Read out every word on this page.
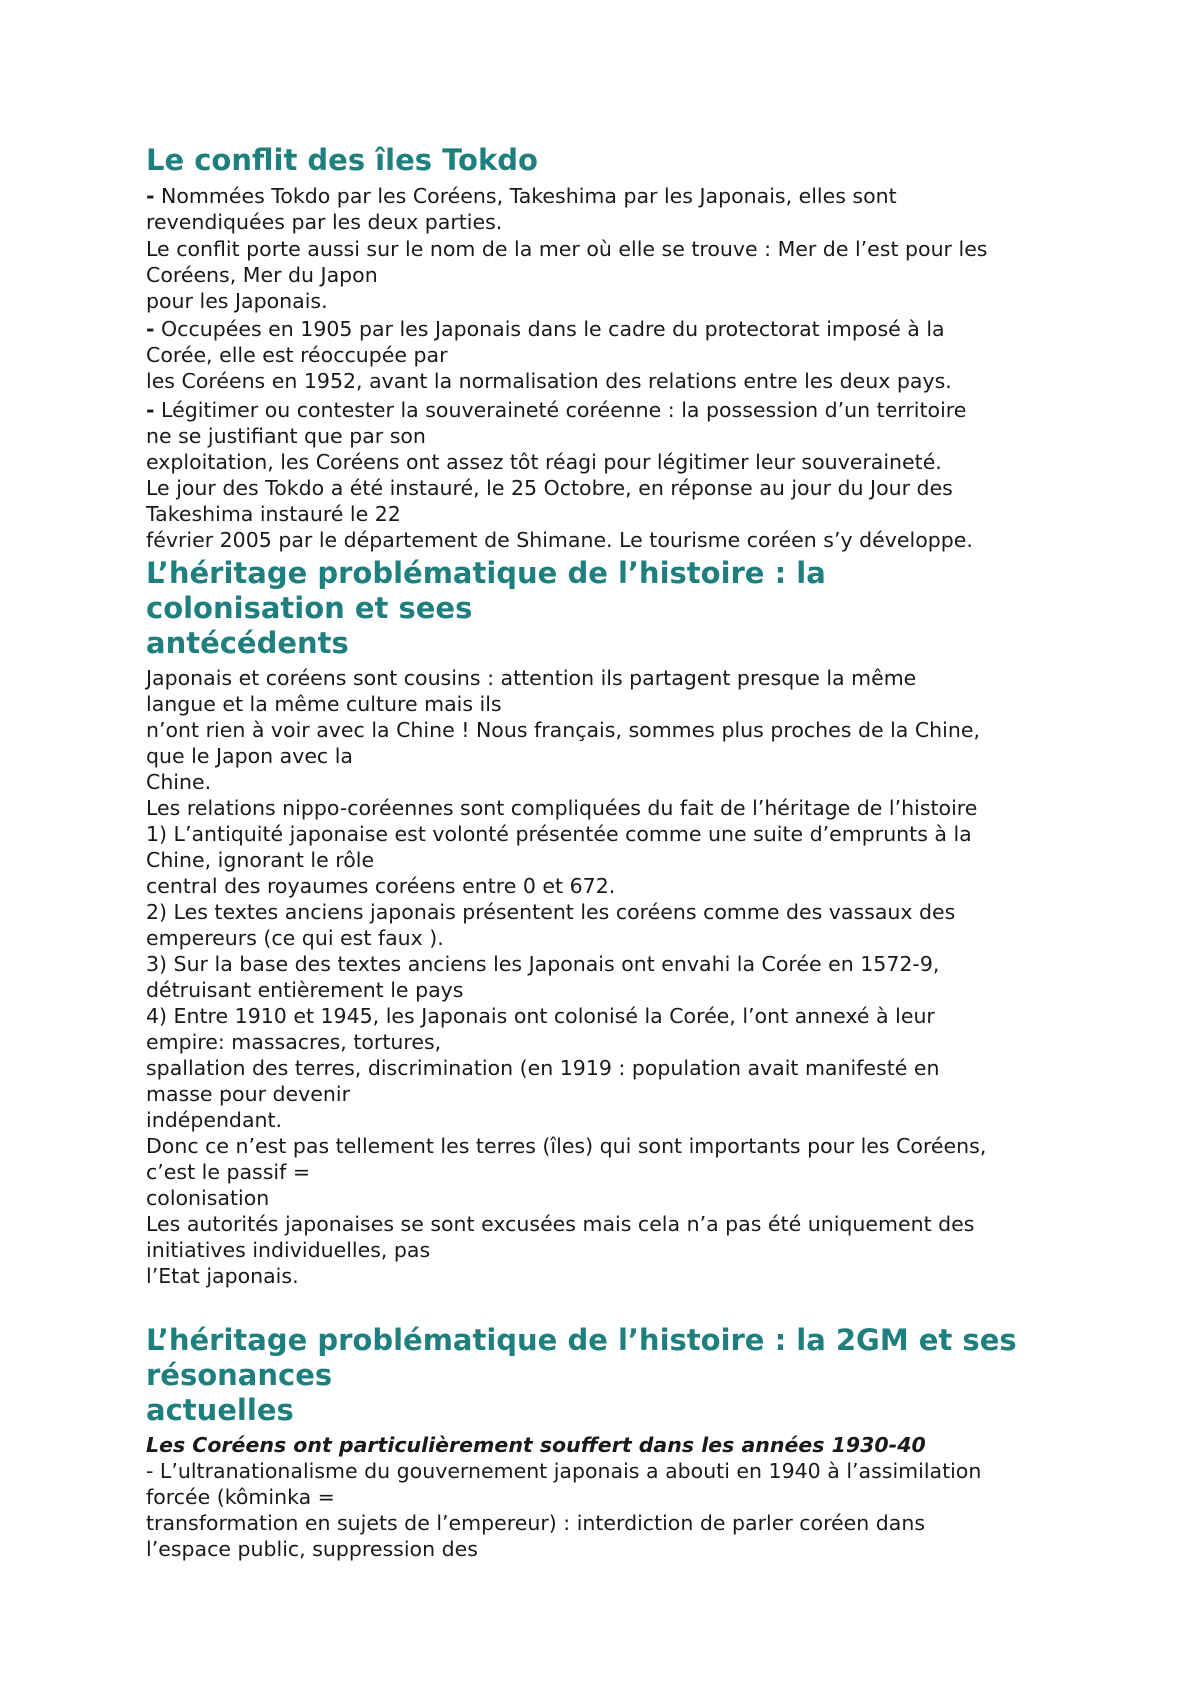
Le conflit des îles Tokdo
- Nommées Tokdo par les Coréens, Takeshima par les Japonais, elles sont
revendiquées par les deux parties.
Le conflit porte aussi sur le nom de la mer où elle se trouve : Mer de l’est pour les
Coréens, Mer du Japon
pour les Japonais.
- Occupées en 1905 par les Japonais dans le cadre du protectorat imposé à la
Corée, elle est réoccupée par
les Coréens en 1952, avant la normalisation des relations entre les deux pays.
- Légitimer ou contester la souveraineté coréenne : la possession d’un territoire
ne se justifiant que par son
exploitation, les Coréens ont assez tôt réagi pour légitimer leur souveraineté.
Le jour des Tokdo a été instauré, le 25 Octobre, en réponse au jour du Jour des
Takeshima instauré le 22
février 2005 par le département de Shimane. Le tourisme coréen s’y développe.
L’héritage problématique de l’histoire : la
colonisation et sees
antécédents
Japonais et coréens sont cousins : attention ils partagent presque la même
langue et la même culture mais ils
n’ont rien à voir avec la Chine ! Nous français, sommes plus proches de la Chine,
que le Japon avec la
Chine.
Les relations nippo-coréennes sont compliquées du fait de l’héritage de l’histoire
1) L’antiquité japonaise est volonté présentée comme une suite d’emprunts à la
Chine, ignorant le rôle
central des royaumes coréens entre 0 et 672.
2) Les textes anciens japonais présentent les coréens comme des vassaux des
empereurs (ce qui est faux ).
3) Sur la base des textes anciens les Japonais ont envahi la Corée en 1572-9,
détruisant entièrement le pays
4) Entre 1910 et 1945, les Japonais ont colonisé la Corée, l’ont annexé à leur
empire: massacres, tortures,
spallation des terres, discrimination (en 1919 : population avait manifesté en
masse pour devenir
indépendant.
Donc ce n’est pas tellement les terres (îles) qui sont importants pour les Coréens,
c’est le passif =
colonisation
Les autorités japonaises se sont excusées mais cela n’a pas été uniquement des
initiatives individuelles, pas
l’Etat japonais.
L’héritage problématique de l’histoire : la 2GM et ses
résonances
actuelles
Les Coréens ont particulièrement souffert dans les années 1930-40
- L’ultranationalisme du gouvernement japonais a abouti en 1940 à l’assimilation
forcée (kôminka =
transformation en sujets de l’empereur) : interdiction de parler coréen dans
l’espace public, suppression des
